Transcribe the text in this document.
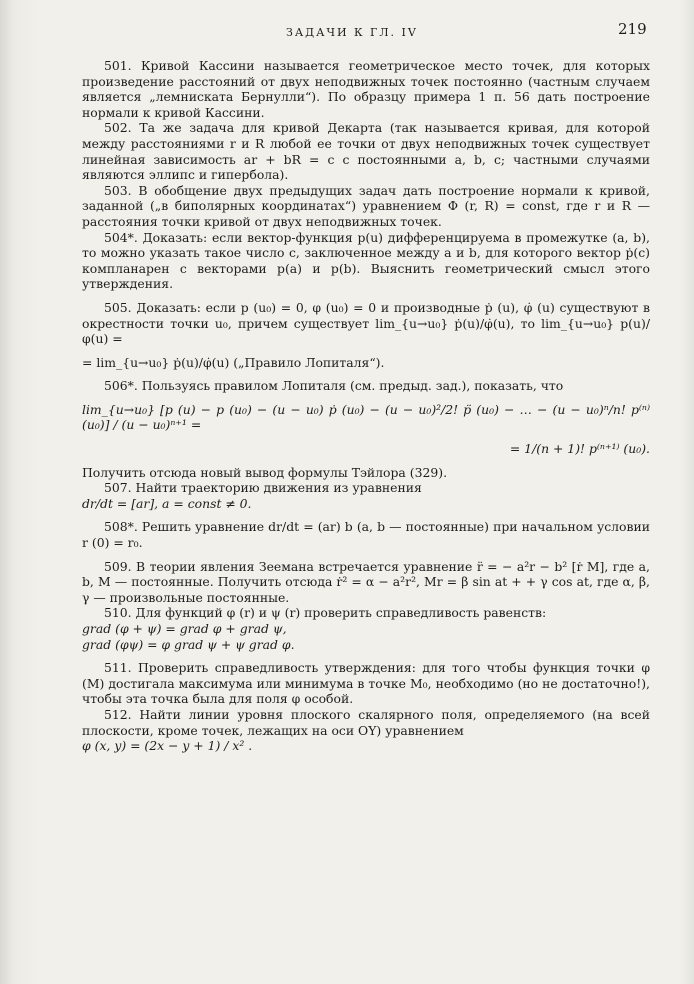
ЗАДАЧИ К ГЛ. IV	219

501. Кривой Кассини называется геометрическое место точек, для которых произведение расстояний от двух неподвижных точек постоянно (частным случаем является „лемниската Бернулли“). По образцу примера 1 п. 56 дать построение нормали к кривой Кассини.

502. Та же задача для кривой Декарта (так называется кривая, для которой между расстояниями r и R любой ее точки от двух неподвижных точек существует линейная зависимость ar + bR = c с постоянными a, b, c; частными случаями являются эллипс и гипербола).

503. В обобщение двух предыдущих задач дать построение нормали к кривой, заданной („в биполярных координатах“) уравнением Φ (r, R) = const, где r и R — расстояния точки кривой от двух неподвижных точек.

504*. Доказать: если вектор-функция p(u) дифференцируема в промежутке (a, b), то можно указать такое число c, заключенное между a и b, для которого вектор ṗ(c) компланарен с векторами p(a) и p(b). Выяснить геометрический смысл этого утверждения.

505. Доказать: если p (u₀) = 0, φ (u₀) = 0 и производные ṗ (u), φ̇ (u) существуют в окрестности точки u₀, причем существует lim_{u→u₀} ṗ(u)/φ̇(u), то lim_{u→u₀} p(u)/φ(u) =

= lim_{u→u₀} ṗ(u)/φ̇(u) („Правило Лопиталя“).

506*. Пользуясь правилом Лопиталя (см. предыд. зад.), показать, что

lim_{u→u₀} [p (u) − p (u₀) − (u − u₀) ṗ (u₀) − (u − u₀)²/2! p̈ (u₀) − … − (u − u₀)ⁿ/n! p⁽ⁿ⁾ (u₀)] / (u − u₀)ⁿ⁺¹ =

= 1/(n + 1)! p⁽ⁿ⁺¹⁾ (u₀).

Получить отсюда новый вывод формулы Тэйлора (329).

507. Найти траекторию движения из уравнения

dr/dt = [ar], a = const ≠ 0.

508*. Решить уравнение dr/dt = (ar) b (a, b — постоянные) при начальном условии r (0) = r₀.

509. В теории явления Зеемана встречается уравнение r̈ = − a²r − b² [ṙ M], где a, b, M — постоянные. Получить отсюда ṙ² = α − a²r², Mr = β sin at + + γ cos at, где α, β, γ — произвольные постоянные.

510. Для функций φ (r) и ψ (r) проверить справедливость равенств:

grad (φ + ψ) = grad φ + grad ψ,

grad (φψ) = φ grad ψ + ψ grad φ.

511. Проверить справедливость утверждения: для того чтобы функция точки φ (M) достигала максимума или минимума в точке M₀, необходимо (но не достаточно!), чтобы эта точка была для поля φ особой.

512. Найти линии уровня плоского скалярного поля, определяемого (на всей плоскости, кроме точек, лежащих на оси OY) уравнением

φ (x, y) = (2x − y + 1) / x² .
